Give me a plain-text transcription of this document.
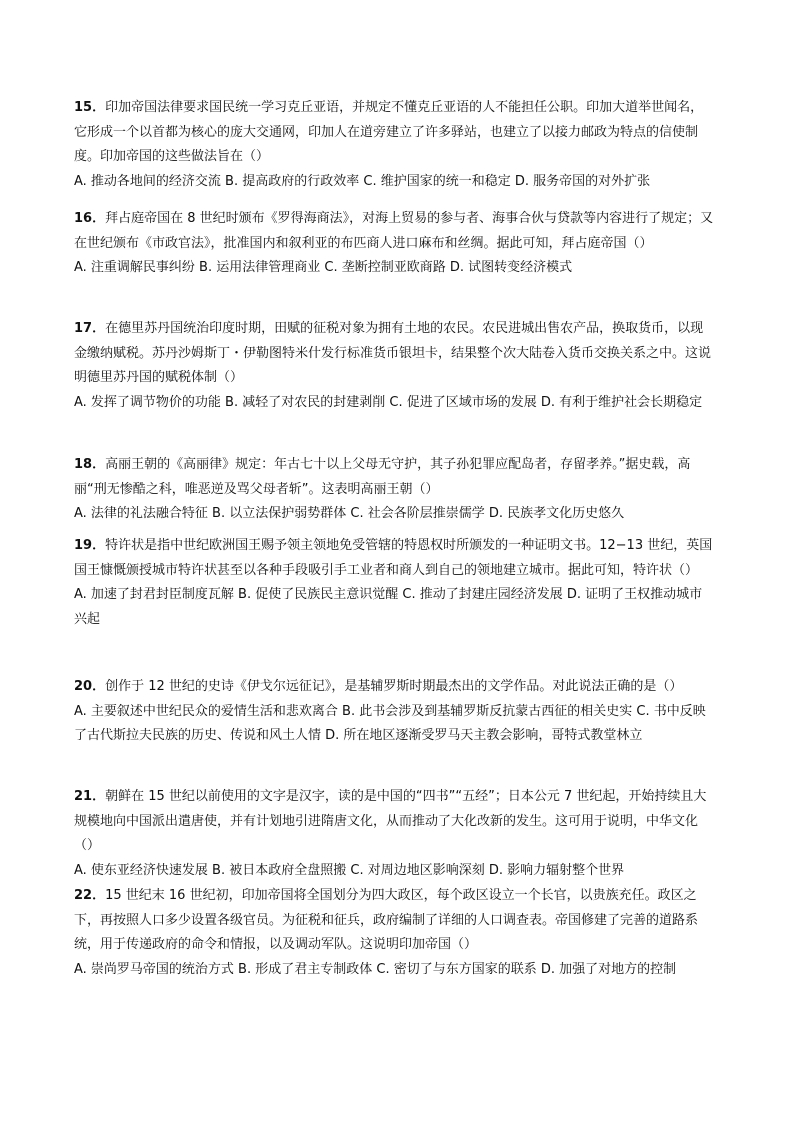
15．印加帝国法律要求国民统一学习克丘亚语，并规定不懂克丘亚语的人不能担任公职。印加大道举世闻名，它形成一个以首都为核心的庞大交通网，印加人在道旁建立了许多驿站，也建立了以接力邮政为特点的信使制度。印加帝国的这些做法旨在（）

A. 推动各地间的经济交流 B. 提高政府的行政效率 C. 维护国家的统一和稳定 D. 服务帝国的对外扩张

16．拜占庭帝国在 8 世纪时颁布《罗得海商法》，对海上贸易的参与者、海事合伙与贷款等内容进行了规定；又在世纪颁布《市政官法》，批准国内和叙利亚的布匹商人进口麻布和丝绸。据此可知，拜占庭帝国（）

A. 注重调解民事纠纷 B. 运用法律管理商业 C. 垄断控制亚欧商路 D. 试图转变经济模式

17．在德里苏丹国统治印度时期，田赋的征税对象为拥有土地的农民。农民进城出售农产品，换取货币，以现金缴纳赋税。苏丹沙姆斯丁・伊勒图特米什发行标准货币银坦卡，结果整个次大陆卷入货币交换关系之中。这说明德里苏丹国的赋税体制（）

A. 发挥了调节物价的功能 B. 减轻了对农民的封建剥削 C. 促进了区域市场的发展 D. 有利于维护社会长期稳定

18．高丽王朝的《高丽律》规定：年古七十以上父母无守护，其子孙犯罪应配岛者，存留孝养。”据史载，高丽“刑无惨酷之科，唯恶逆及骂父母者斩”。这表明高丽王朝（）

A. 法律的礼法融合特征 B. 以立法保护弱势群体 C. 社会各阶层推崇儒学 D. 民族孝文化历史悠久

19．特许状是指中世纪欧洲国王赐予领主领地免受管辖的特恩权时所颁发的一种证明文书。12−13 世纪，英国国王慷慨颁授城市特许状甚至以各种手段吸引手工业者和商人到自己的领地建立城市。据此可知，特许状（）

A. 加速了封君封臣制度瓦解 B. 促使了民族民主意识觉醒 C. 推动了封建庄园经济发展 D. 证明了王权推动城市兴起

20．创作于 12 世纪的史诗《伊戈尔远征记》，是基辅罗斯时期最杰出的文学作品。对此说法正确的是（）

A. 主要叙述中世纪民众的爱情生活和悲欢离合 B. 此书会涉及到基辅罗斯反抗蒙古西征的相关史实 C. 书中反映了古代斯拉夫民族的历史、传说和风土人情 D. 所在地区逐渐受罗马天主教会影响，哥特式教堂林立

21．朝鲜在 15 世纪以前使用的文字是汉字，读的是中国的“四书”“五经”；日本公元 7 世纪起，开始持续且大规模地向中国派出遣唐使，并有计划地引进隋唐文化，从而推动了大化改新的发生。这可用于说明，中华文化（）

A. 使东亚经济快速发展 B. 被日本政府全盘照搬 C. 对周边地区影响深刻 D. 影响力辐射整个世界

22．15 世纪末 16 世纪初，印加帝国将全国划分为四大政区，每个政区设立一个长官，以贵族充任。政区之下，再按照人口多少设置各级官员。为征税和征兵，政府编制了详细的人口调查表。帝国修建了完善的道路系统，用于传递政府的命令和情报，以及调动军队。这说明印加帝国（）

A. 崇尚罗马帝国的统治方式 B. 形成了君主专制政体 C. 密切了与东方国家的联系 D. 加强了对地方的控制
